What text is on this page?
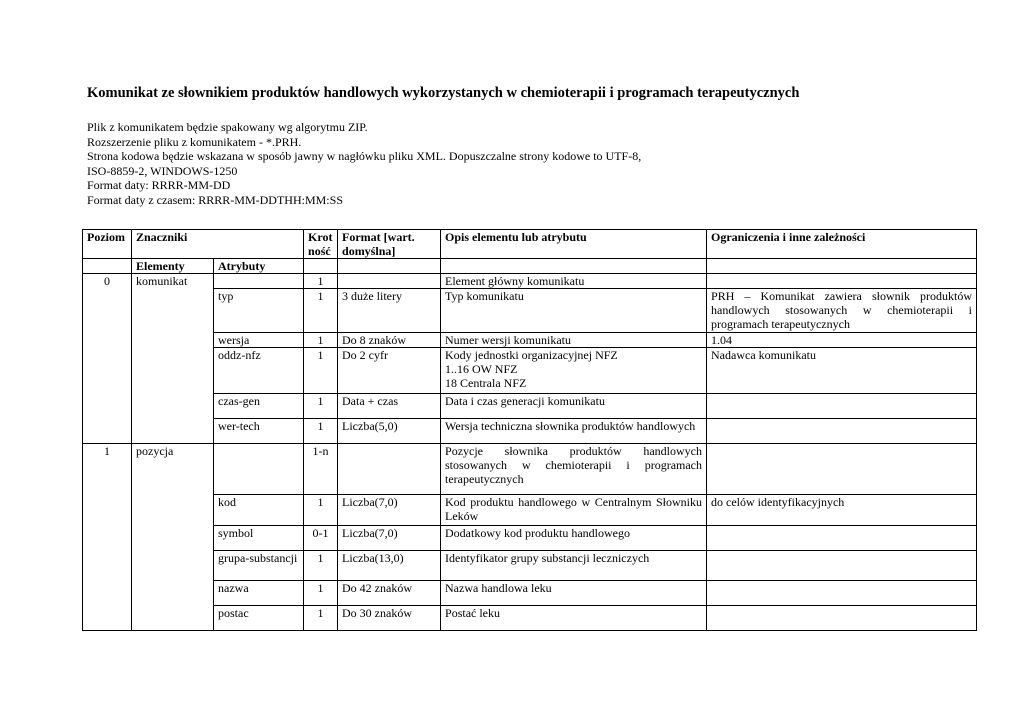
Komunikat ze słownikiem produktów handlowych wykorzystanych w chemioterapii i programach terapeutycznych
Plik z komunikatem będzie spakowany wg algorytmu ZIP.
Rozszerzenie pliku z komunikatem - *.PRH.
Strona kodowa będzie wskazana w sposób jawny w nagłówku pliku XML. Dopuszczalne strony kodowe to UTF-8,
ISO-8859-2, WINDOWS-1250
Format daty: RRRR-MM-DD
Format daty z czasem: RRRR-MM-DDTHH:MM:SS
Poziom	Znaczniki		Krot ność	Format [wart. domyślna]	Opis elementu lub atrybutu	Ograniczenia i inne zależności
	Elementy	Atrybuty				
0	komunikat		1		Element główny komunikatu	
		typ	1	3 duże litery	Typ komunikatu	PRH – Komunikat zawiera słownik produktów handlowych stosowanych w chemioterapii i programach terapeutycznych
		wersja	1	Do 8 znaków	Numer wersji komunikatu	1.04
		oddz-nfz	1	Do 2 cyfr	Kody jednostki organizacyjnej NFZ
1..16 OW NFZ
18 Centrala NFZ	Nadawca komunikatu
		czas-gen	1	Data + czas	Data i czas generacji komunikatu	
		wer-tech	1	Liczba(5,0)	Wersja techniczna słownika produktów handlowych	
1	pozycja		1-n		Pozycje słownika produktów handlowych stosowanych w chemioterapii i programach terapeutycznych	
		kod	1	Liczba(7,0)	Kod produktu handlowego w Centralnym Słowniku Leków	do celów identyfikacyjnych
		symbol	0-1	Liczba(7,0)	Dodatkowy kod produktu handlowego	
		grupa-substancji	1	Liczba(13,0)	Identyfikator grupy substancji leczniczych	
		nazwa	1	Do 42 znaków	Nazwa handlowa leku	
		postac	1	Do 30 znaków	Postać leku	
